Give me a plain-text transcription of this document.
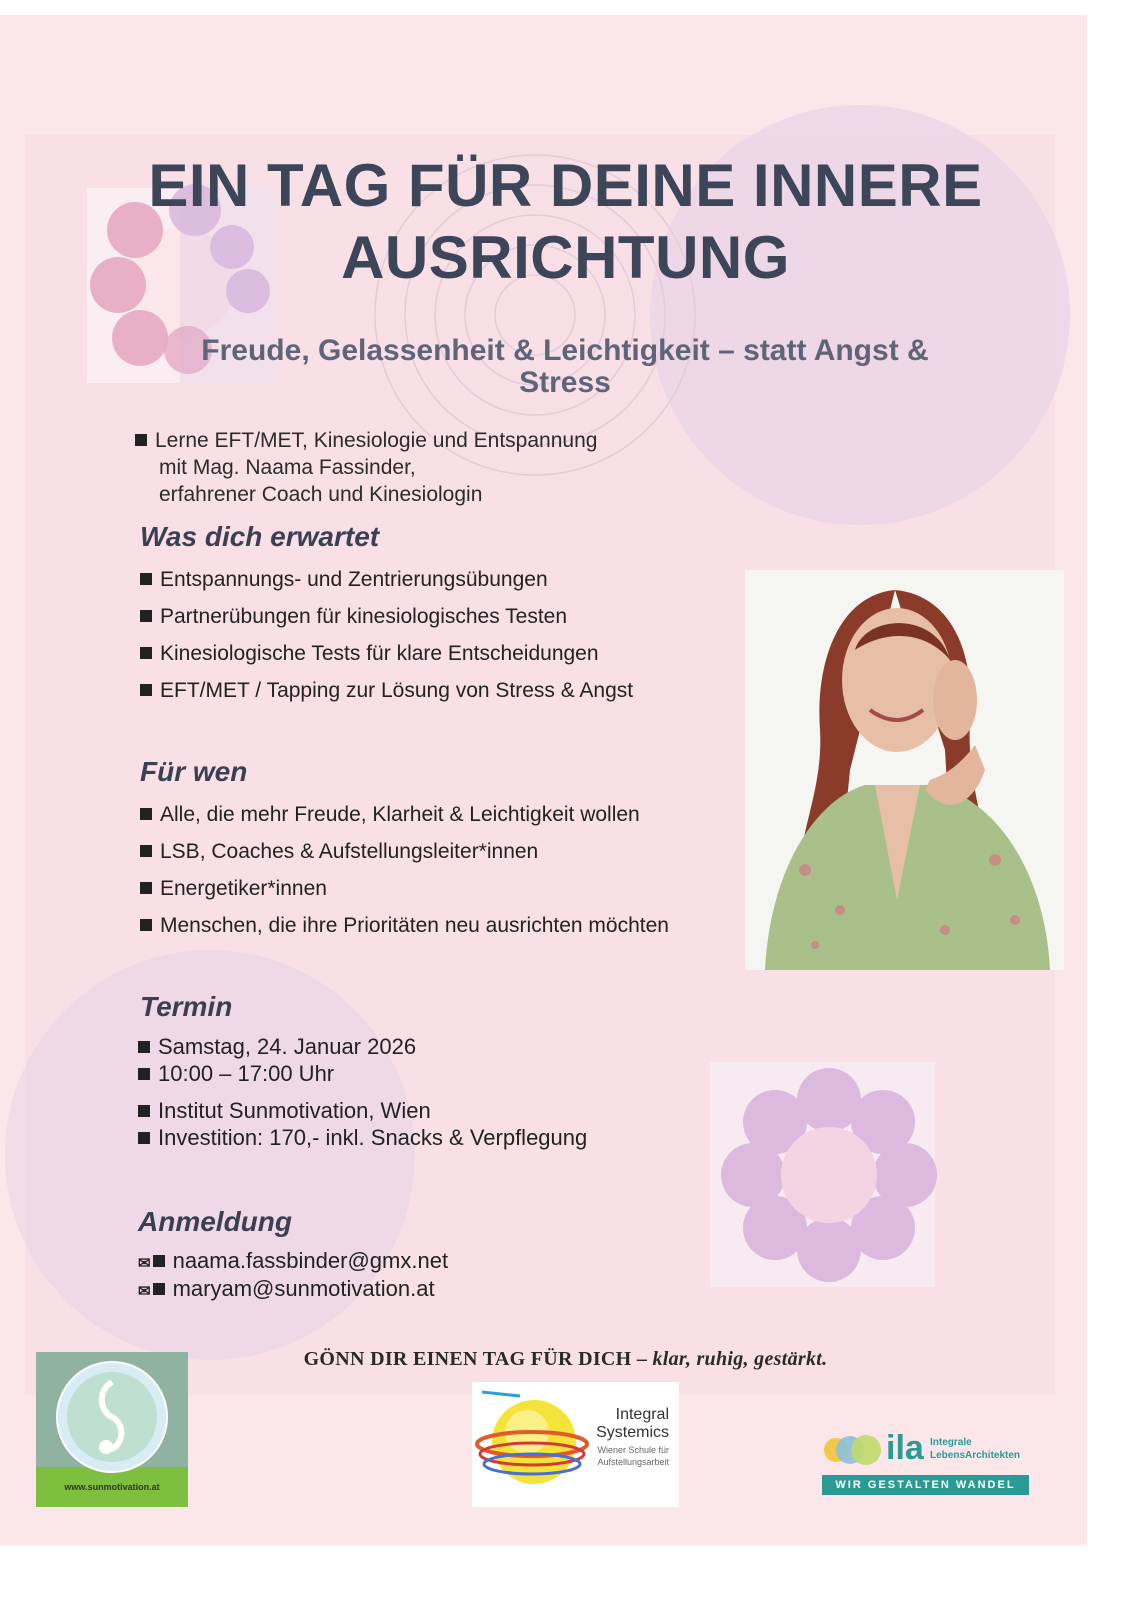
EIN TAG FÜR DEINE INNERE
AUSRICHTUNG
Freude, Gelassenheit & Leichtigkeit – statt Angst &
Stress
Lerne EFT/MET, Kinesiologie und Entspannung
mit Mag. Naama Fassinder,
erfahrener Coach und Kinesiologin
Was dich erwartet
Entspannungs- und Zentrierungsübungen
Partnerübungen für kinesiologisches Testen
Kinesiologische Tests für klare Entscheidungen
EFT/MET / Tapping zur Lösung von Stress & Angst
Für wen
Alle, die mehr Freude, Klarheit & Leichtigkeit wollen
LSB, Coaches & Aufstellungsleiter*innen
Energetiker*innen
Menschen, die ihre Prioritäten neu ausrichten möchten
Termin
Samstag, 24. Januar 2026
10:00 – 17:00 Uhr
Institut Sunmotivation, Wien
Investition: 170,- inkl. Snacks & Verpflegung
Anmeldung
✉ naama.fassbinder@gmx.net
✉ maryam@sunmotivation.at
GÖNN DIR EINEN TAG FÜR DICH – klar, ruhig, gestärkt.
www.sunmotivation.at
Integral
Systemics
Wiener Schule für
Aufstellungsarbeit	ila Integrale
LebensArchitekten
WIR GESTALTEN WANDEL
